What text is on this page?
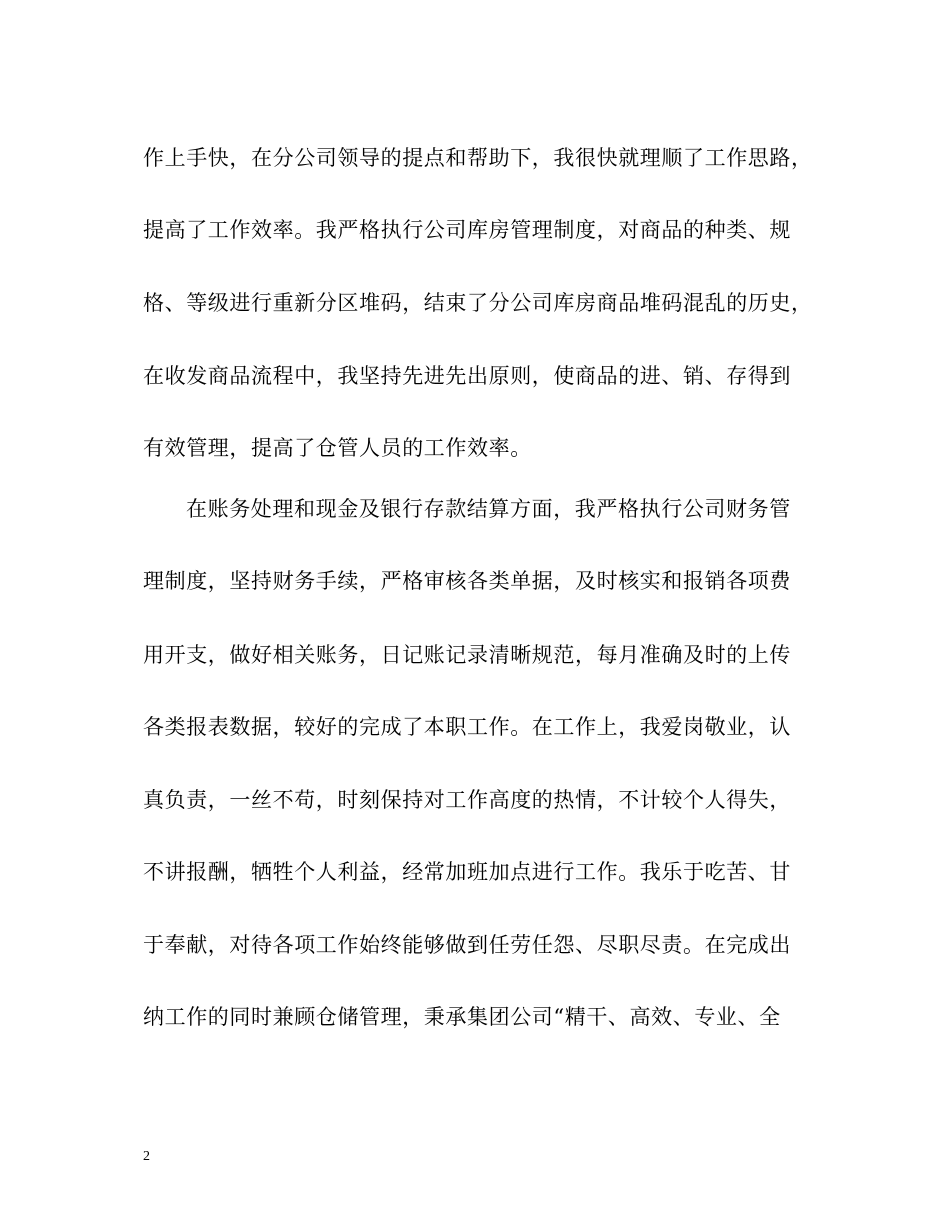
作上手快，在分公司领导的提点和帮助下，我很快就理顺了工作思路，
提高了工作效率。我严格执行公司库房管理制度，对商品的种类、规
格、等级进行重新分区堆码，结束了分公司库房商品堆码混乱的历史，
在收发商品流程中，我坚持先进先出原则，使商品的进、销、存得到
有效管理，提高了仓管人员的工作效率。
在账务处理和现金及银行存款结算方面，我严格执行公司财务管
理制度，坚持财务手续，严格审核各类单据，及时核实和报销各项费
用开支，做好相关账务，日记账记录清晰规范，每月准确及时的上传
各类报表数据，较好的完成了本职工作。在工作上，我爱岗敬业，认
真负责，一丝不苟，时刻保持对工作高度的热情，不计较个人得失，
不讲报酬，牺牲个人利益，经常加班加点进行工作。我乐于吃苦、甘
于奉献，对待各项工作始终能够做到任劳任怨、尽职尽责。在完成出
纳工作的同时兼顾仓储管理，秉承集团公司“精干、高效、专业、全
2
